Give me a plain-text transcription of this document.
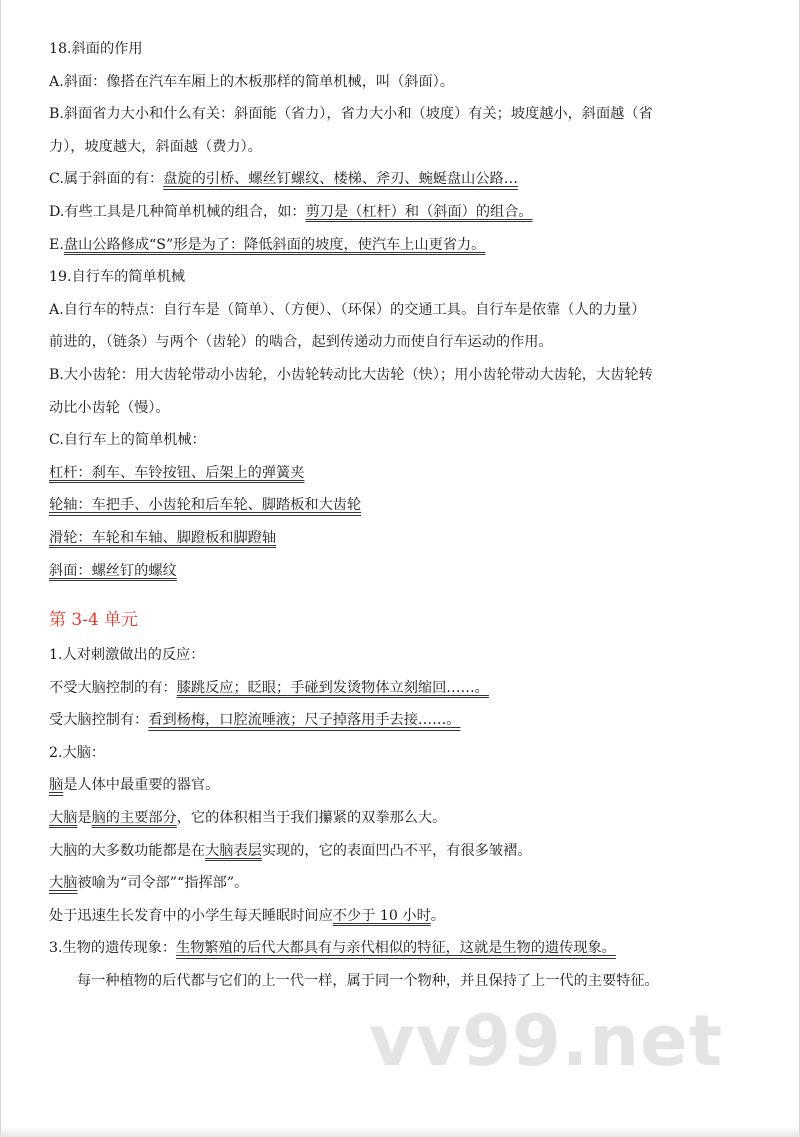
18.斜面的作用
A.斜面：像搭在汽车车厢上的木板那样的简单机械，叫（斜面）。
B.斜面省力大小和什么有关：斜面能（省力），省力大小和（坡度）有关；坡度越小，斜面越（省
力），坡度越大，斜面越（费力）。
C.属于斜面的有：盘旋的引桥、螺丝钉螺纹、楼梯、斧刃、蜿蜒盘山公路…
D.有些工具是几种简单机械的组合，如：剪刀是（杠杆）和（斜面）的组合。
E.盘山公路修成“S”形是为了：降低斜面的坡度，使汽车上山更省力。
19.自行车的简单机械
A.自行车的特点：自行车是（简单）、（方便）、（环保）的交通工具。自行车是依靠（人的力量）
前进的，（链条）与两个（齿轮）的啮合，起到传递动力而使自行车运动的作用。
B.大小齿轮：用大齿轮带动小齿轮，小齿轮转动比大齿轮（快）；用小齿轮带动大齿轮，大齿轮转
动比小齿轮（慢）。
C.自行车上的简单机械：
杠杆：刹车、车铃按钮、后架上的弹簧夹
轮轴：车把手、小齿轮和后车轮、脚踏板和大齿轮
滑轮：车轮和车轴、脚蹬板和脚蹬轴
斜面：螺丝钉的螺纹
第 3-4 单元
1.人对刺激做出的反应：
不受大脑控制的有：膝跳反应；眨眼；手碰到发烫物体立刻缩回……。
受大脑控制有：看到杨梅，口腔流唾液；尺子掉落用手去接……。
2.大脑：
脑是人体中最重要的器官。
大脑是脑的主要部分，它的体积相当于我们攥紧的双拳那么大。
大脑的大多数功能都是在大脑表层实现的，它的表面凹凸不平，有很多皱褶。
大脑被喻为“司令部”“指挥部”。
处于迅速生长发育中的小学生每天睡眠时间应不少于 10 小时。
3.生物的遗传现象：生物繁殖的后代大都具有与亲代相似的特征，这就是生物的遗传现象。
每一种植物的后代都与它们的上一代一样，属于同一个物种，并且保持了上一代的主要特征。
vv99.net
